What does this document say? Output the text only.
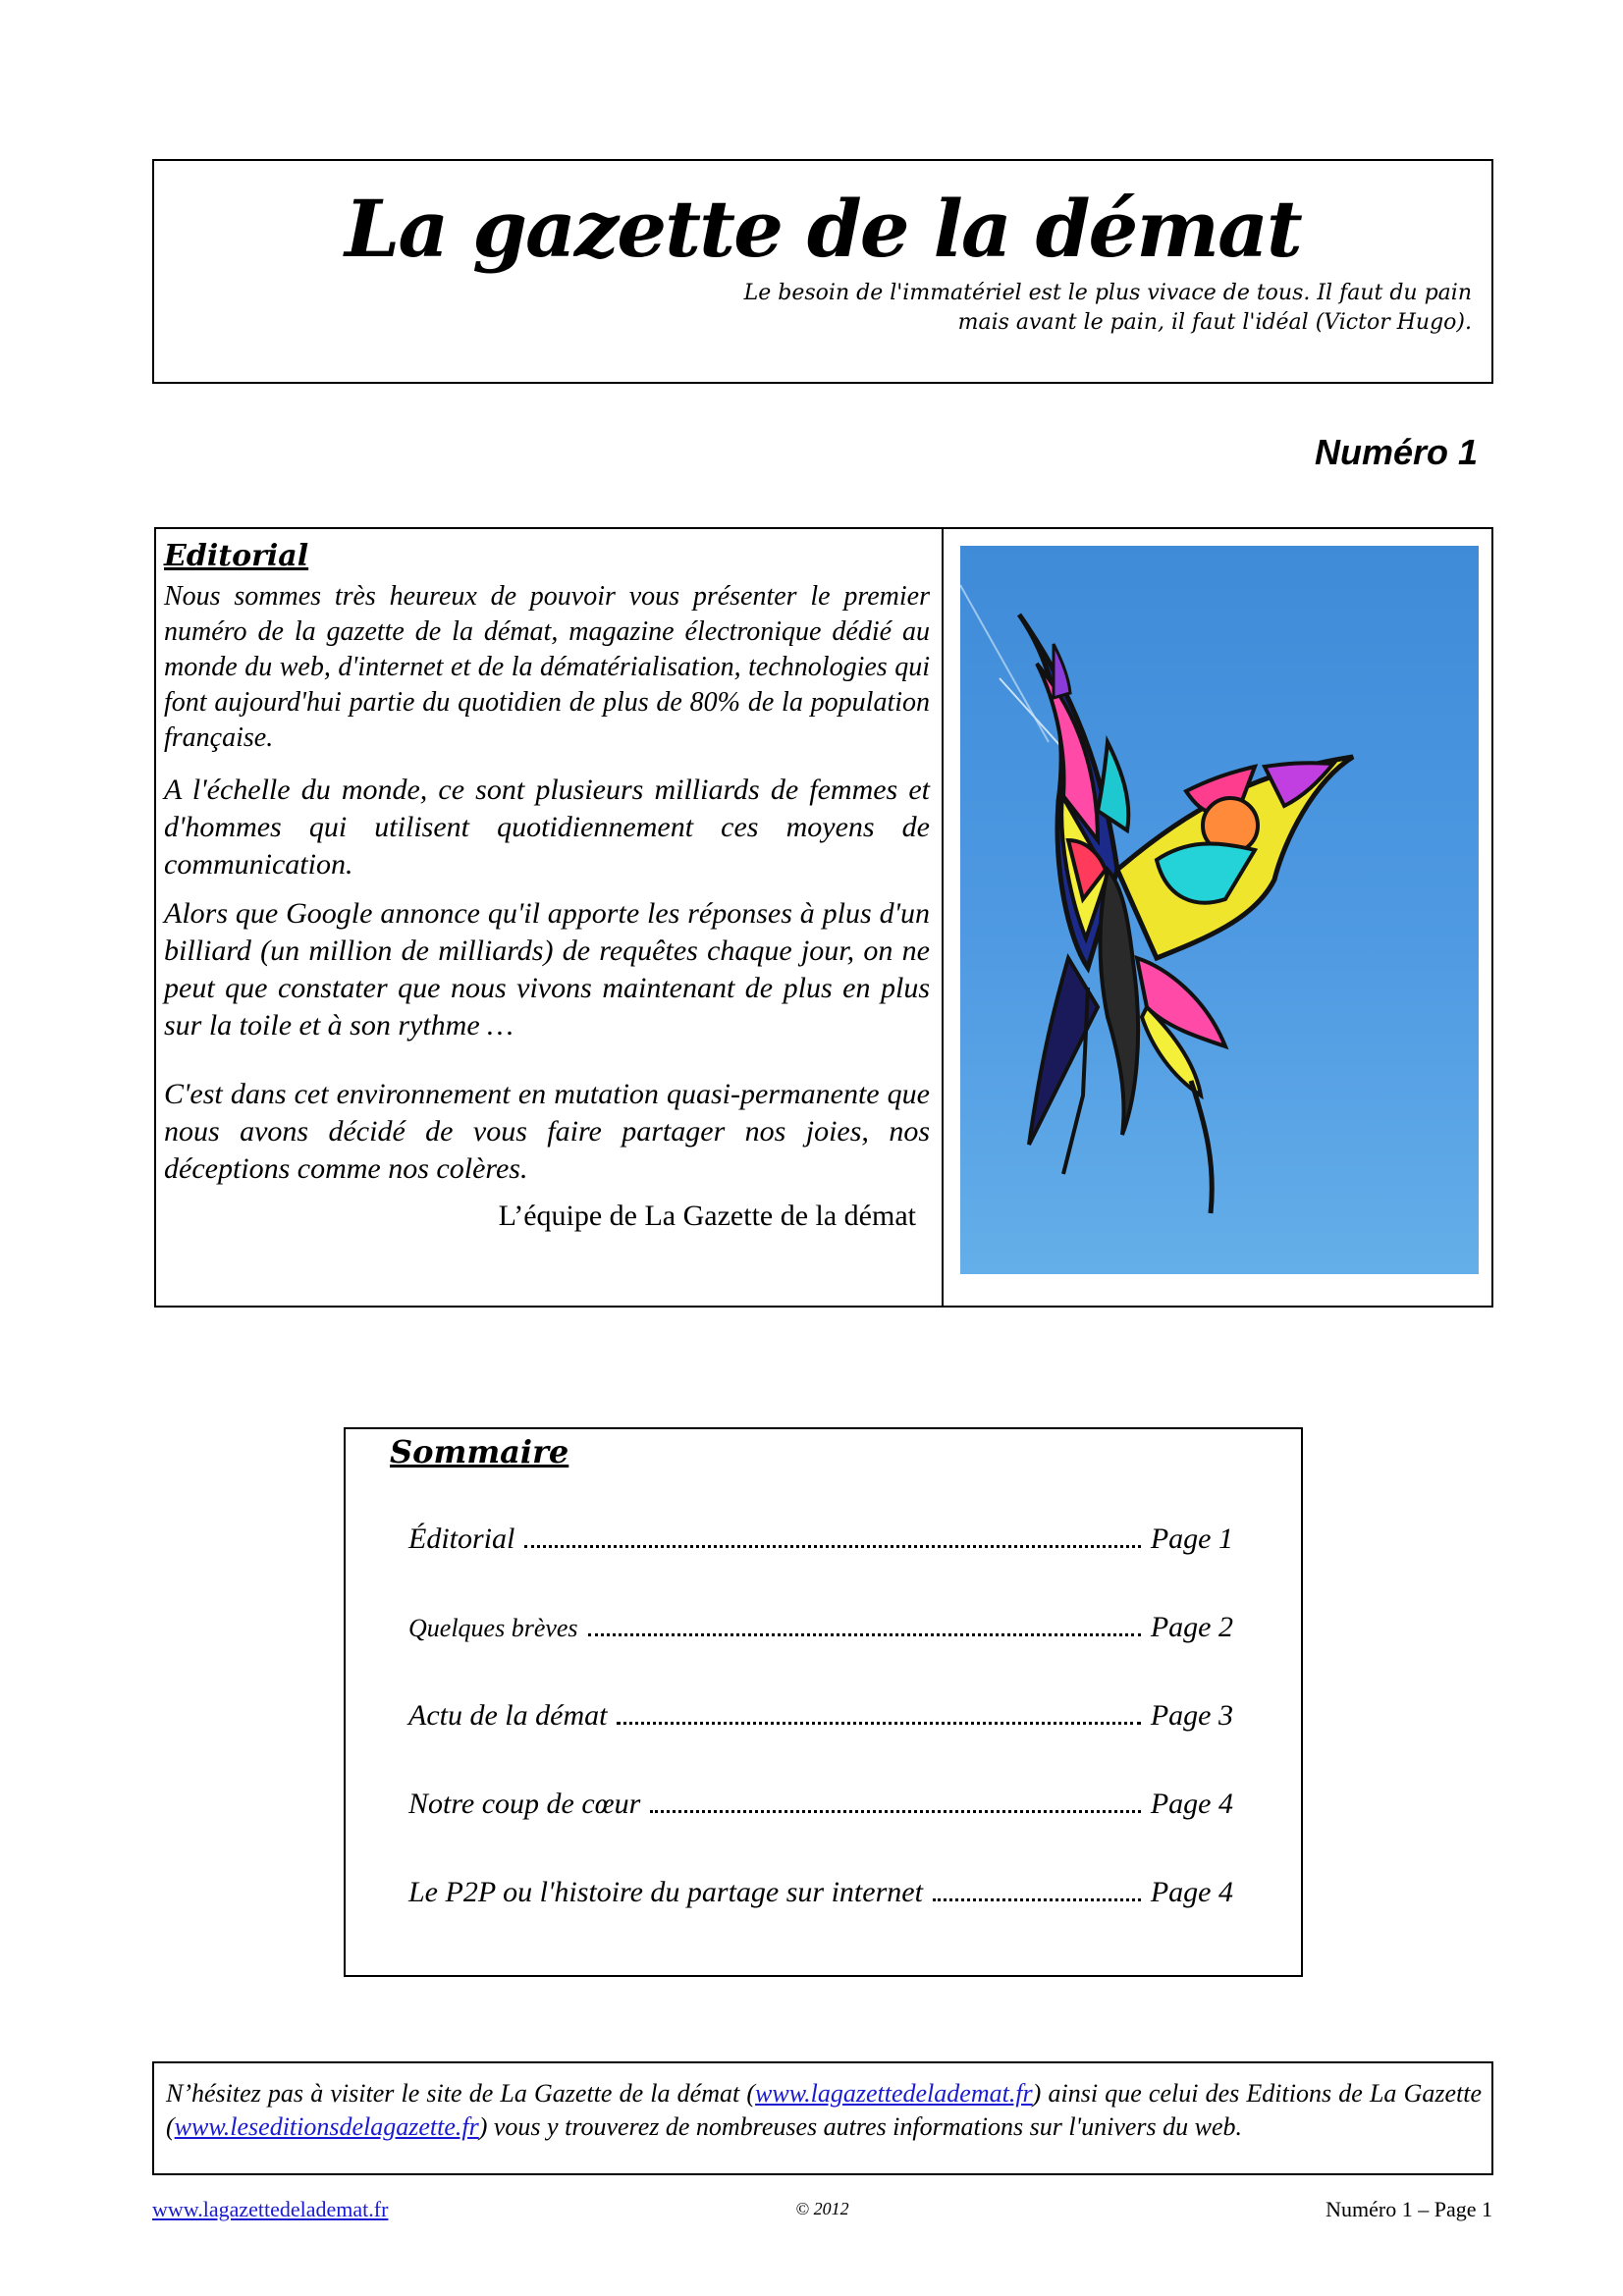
La gazette de la démat

Le besoin de l'immatériel est le plus vivace de tous. Il faut du pain
mais avant le pain, il faut l'idéal (Victor Hugo).

Numéro 1

Editorial

Nous sommes très heureux de pouvoir vous présenter le premier numéro de la gazette de la démat, magazine électronique dédié au monde du web, d'internet et de la dématérialisation, technologies qui font aujourd'hui partie du quotidien de plus de 80% de la population française.

A l'échelle du monde, ce sont plusieurs milliards de femmes et d'hommes qui utilisent quotidiennement ces moyens de communication.

Alors que Google annonce qu'il apporte les réponses à plus d'un billiard (un million de milliards) de requêtes chaque jour, on ne peut que constater que nous vivons maintenant de plus en plus sur la toile et à son rythme …

C'est dans cet environnement en mutation quasi-permanente que nous avons décidé de vous faire partager nos joies, nos déceptions comme nos colères.

L’équipe de La Gazette de la démat

Sommaire

Éditorial	Page 1
Quelques brèves	Page 2
Actu de la démat	Page 3
Notre coup de cœur	Page 4
Le P2P ou l'histoire du partage sur internet	Page 4
N’hésitez pas à visiter le site de La Gazette de la démat (www.lagazettedelademat.fr) ainsi que celui des Editions de La Gazette (www.leseditionsdelagazette.fr) vous y trouverez de nombreuses autres informations sur l'univers du web.
www.lagazettedelademat.fr	© 2012	Numéro 1 – Page 1
